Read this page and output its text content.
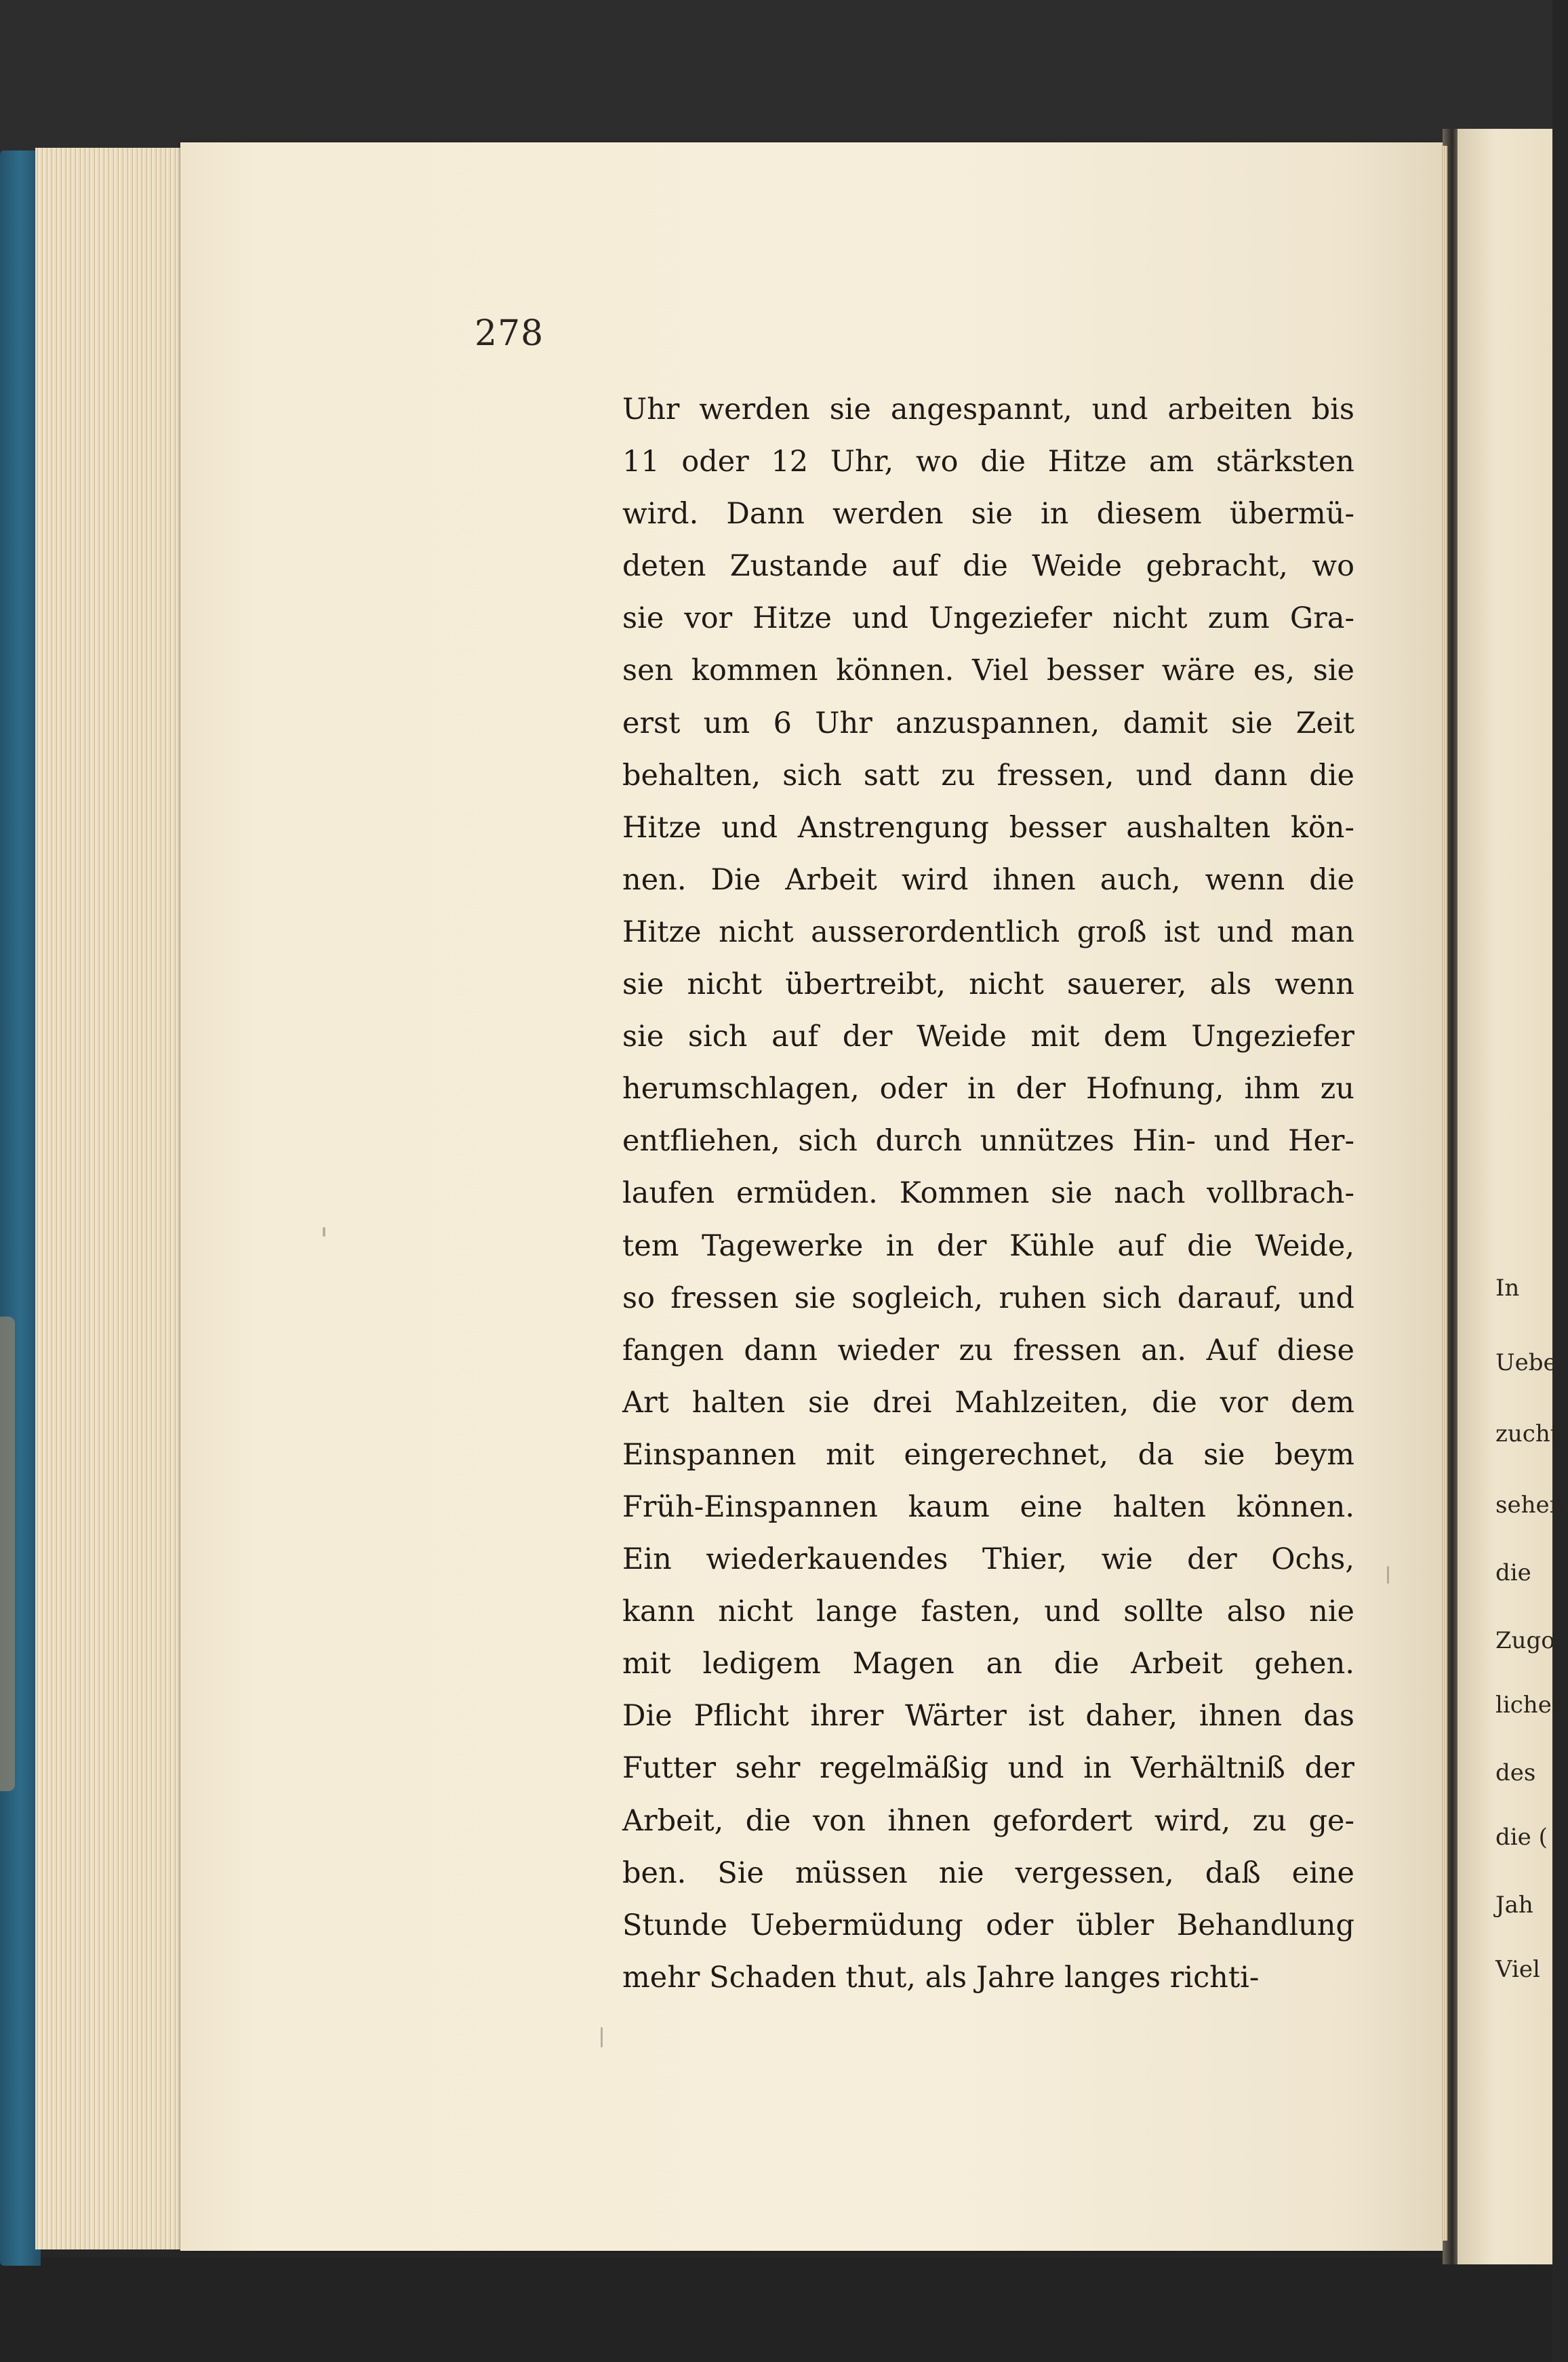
278
Uhr werden sie angespannt, und arbeiten bis
11 oder 12 Uhr, wo die Hitze am stärksten
wird. Dann werden sie in diesem übermü-
deten Zustande auf die Weide gebracht, wo
sie vor Hitze und Ungeziefer nicht zum Gra-
sen kommen können. Viel besser wäre es, sie
erst um 6 Uhr anzuspannen, damit sie Zeit
behalten, sich satt zu fressen, und dann die
Hitze und Anstrengung besser aushalten kön-
nen. Die Arbeit wird ihnen auch, wenn die
Hitze nicht ausserordentlich groß ist und man
sie nicht übertreibt, nicht sauerer, als wenn
sie sich auf der Weide mit dem Ungeziefer
herumschlagen, oder in der Hofnung, ihm zu
entfliehen, sich durch unnützes Hin- und Her-
laufen ermüden. Kommen sie nach vollbrach-
tem Tagewerke in der Kühle auf die Weide,
so fressen sie sogleich, ruhen sich darauf, und
fangen dann wieder zu fressen an. Auf diese
Art halten sie drei Mahlzeiten, die vor dem
Einspannen mit eingerechnet, da sie beym
Früh-Einspannen kaum eine halten können.
Ein wiederkauendes Thier, wie der Ochs,
kann nicht lange fasten, und sollte also nie
mit ledigem Magen an die Arbeit gehen.
Die Pflicht ihrer Wärter ist daher, ihnen das
Futter sehr regelmäßig und in Verhältniß der
Arbeit, die von ihnen gefordert wird, zu ge-
ben. Sie müssen nie vergessen, daß eine
Stunde Uebermüdung oder übler Behandlung
mehr Schaden thut, als Jahre langes richti-
In
Ueber
zucht
sehen
die
Zugo
licher
des
die (
Jah
Viel
